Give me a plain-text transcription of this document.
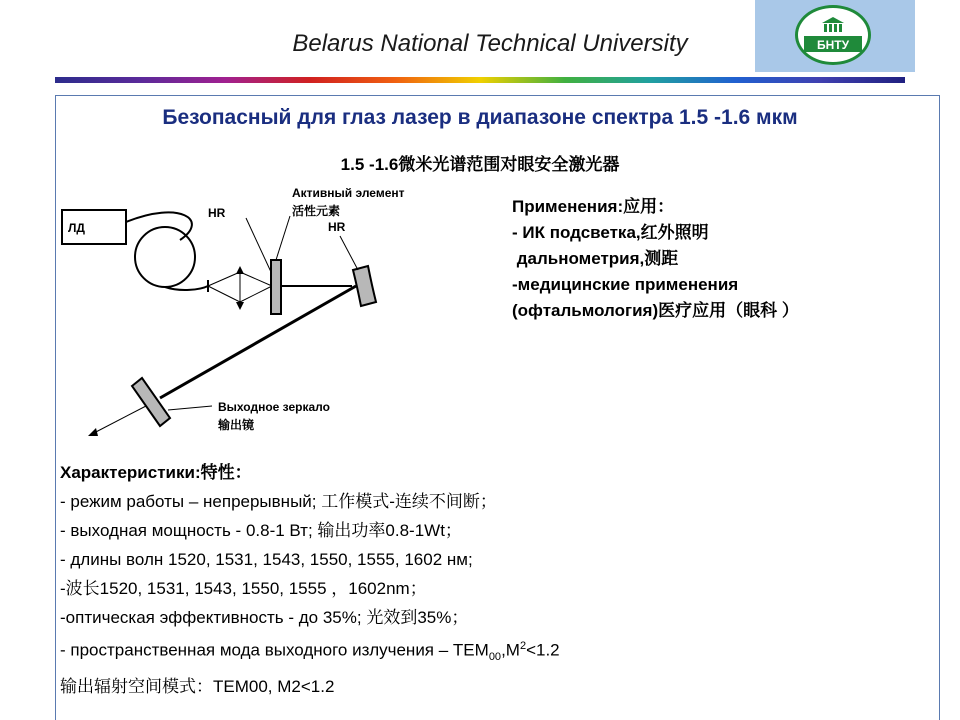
Belarus National Technical University	БНТУ
Безопасный для глаз лазер в диапазоне спектра 1.5 -1.6 мкм
1.5 -1.6微米光谱范围对眼安全激光器
ЛД
HR
Активный элемент
活性元素
HR
Выходное зеркало
输出镜
Применения:应用：
- ИК подсветка,红外照明
дальнометрия,测距
-медицинские применения
(офтальмология)医疗应用（眼科 ）
Характеристики:特性：
- режим работы – непрерывный; 工作模式-连续不间断；
- выходная мощность - 0.8-1 Вт; 输出功率0.8-1Wt；
- длины волн 1520, 1531, 1543, 1550, 1555, 1602 нм;
-波长1520, 1531, 1543, 1550, 1555 ，1602nm；
-оптическая эффективность - до 35%; 光效到35%；
- пространственная мода выходного излучения – $TEM_{00},M^2<1.2$
输出辐射空间模式：TEM00, M2<1.2
